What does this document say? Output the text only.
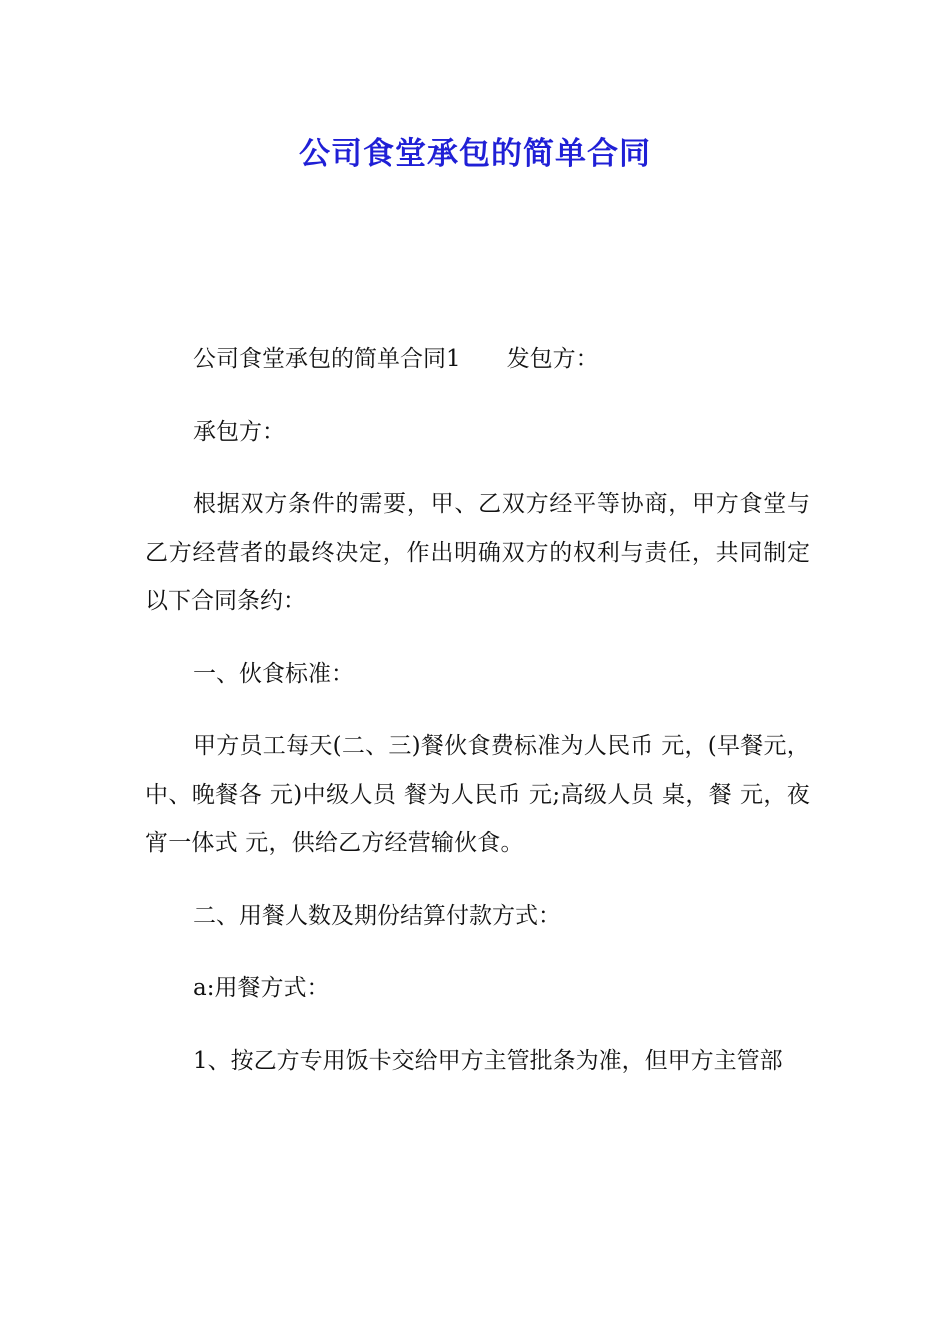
公司食堂承包的简单合同

公司食堂承包的简单合同1　　发包方：

承包方：

根据双方条件的需要，甲、乙双方经平等协商，甲方食堂与乙方经营者的最终决定，作出明确双方的权利与责任，共同制定以下合同条约：

一、伙食标准：

甲方员工每天(二、三)餐伙食费标准为人民币 元，(早餐元，中、晚餐各 元)中级人员 餐为人民币 元;高级人员 桌，餐 元，夜宵一体式 元，供给乙方经营输伙食。

二、用餐人数及期份结算付款方式：

a:用餐方式：

1、按乙方专用饭卡交给甲方主管批条为准，但甲方主管部
